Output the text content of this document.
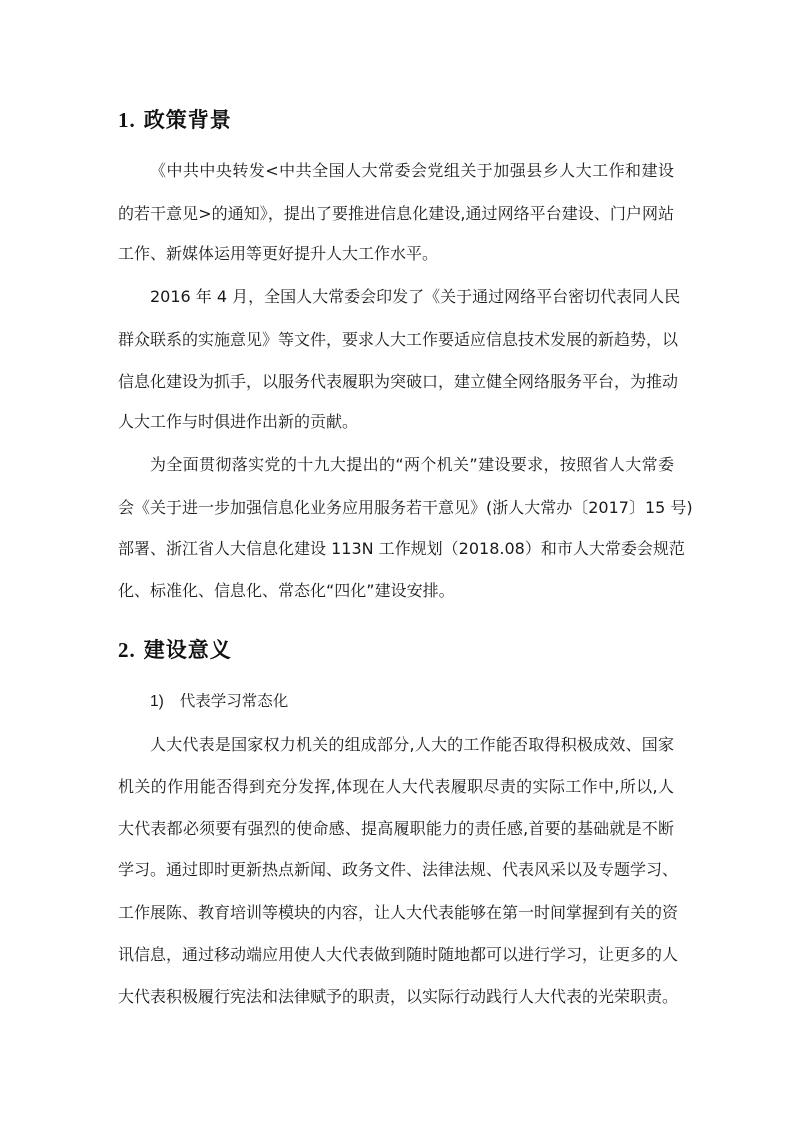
1. 政策背景

《中共中央转发<中共全国人大常委会党组关于加强县乡人大工作和建设

的若干意见>的通知》，提出了要推进信息化建设,通过网络平台建设、门户网站

工作、新媒体运用等更好提升人大工作水平。

2016 年 4 月，全国人大常委会印发了《关于通过网络平台密切代表同人民

群众联系的实施意见》等文件，要求人大工作要适应信息技术发展的新趋势，以

信息化建设为抓手，以服务代表履职为突破口，建立健全网络服务平台，为推动

人大工作与时俱进作出新的贡献。

为全面贯彻落实党的十九大提出的“两个机关”建设要求，按照省人大常委

会《关于进一步加强信息化业务应用服务若干意见》(浙人大常办〔2017〕15 号)

部署、浙江省人大信息化建设 113N 工作规划（2018.08）和市人大常委会规范

化、标准化、信息化、常态化“四化”建设安排。

2. 建设意义

1) 代表学习常态化

人大代表是国家权力机关的组成部分,人大的工作能否取得积极成效、国家

机关的作用能否得到充分发挥,体现在人大代表履职尽责的实际工作中,所以,人

大代表都必须要有强烈的使命感、提高履职能力的责任感,首要的基础就是不断

学习。通过即时更新热点新闻、政务文件、法律法规、代表风采以及专题学习、

工作展陈、教育培训等模块的内容，让人大代表能够在第一时间掌握到有关的资

讯信息，通过移动端应用使人大代表做到随时随地都可以进行学习，让更多的人

大代表积极履行宪法和法律赋予的职责，以实际行动践行人大代表的光荣职责。
